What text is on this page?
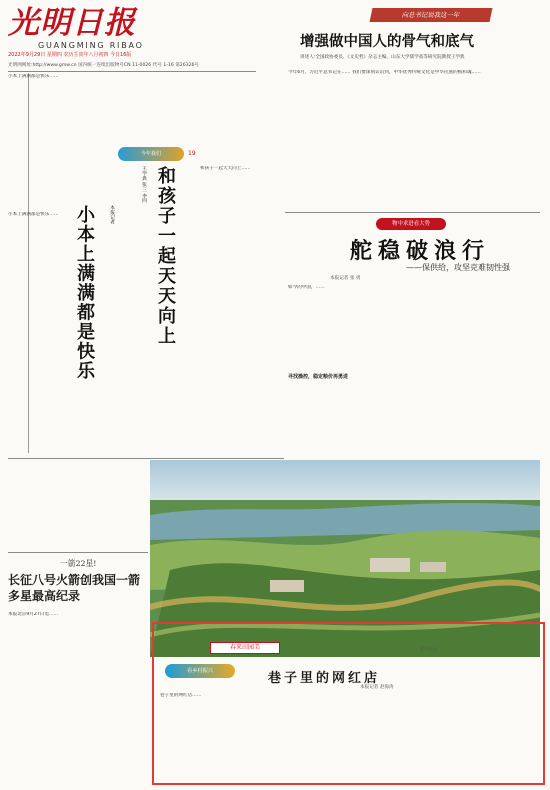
光明日报
GUANGMING RIBAO
2022年9月29日 星期四 农历壬寅年八月初四 今日16版
光明网网址:http://www.gmw.cn 国内统一连续出版物号CN 11-0026 代号 1-16 第26326号
向总书记说我这一年
增强做中国人的骨气和底气
讲述人:全国政协委员、《文史哲》杂志主编、山东大学儒学高等研究院教授王学典
今年6月，习近平总书记在…… 我们要深刻认识到，中华优秀传统文化是中华民族的根和魂……
小本上满满都是快乐……
今年我们	19
和孩子一起天天向上
王学典 张三 李四	和孩子一起天天向上……
小本上满满都是快乐	本报记者
小本上满满都是快乐……
物中求进看大势
舵稳破浪行
——保供给，攻坚克难韧性强
本报记者 张 勇
如今的中国，……
寻找操控，稳定粮价再勇进
一箭22星!
长征八号火箭创我国一箭多星最高纪录
本报北京9月27日电……
春来田园美	新华社发
看乡村振兴	巷子里的网红店
本报记者 赵海涛
巷子里的网红店……
